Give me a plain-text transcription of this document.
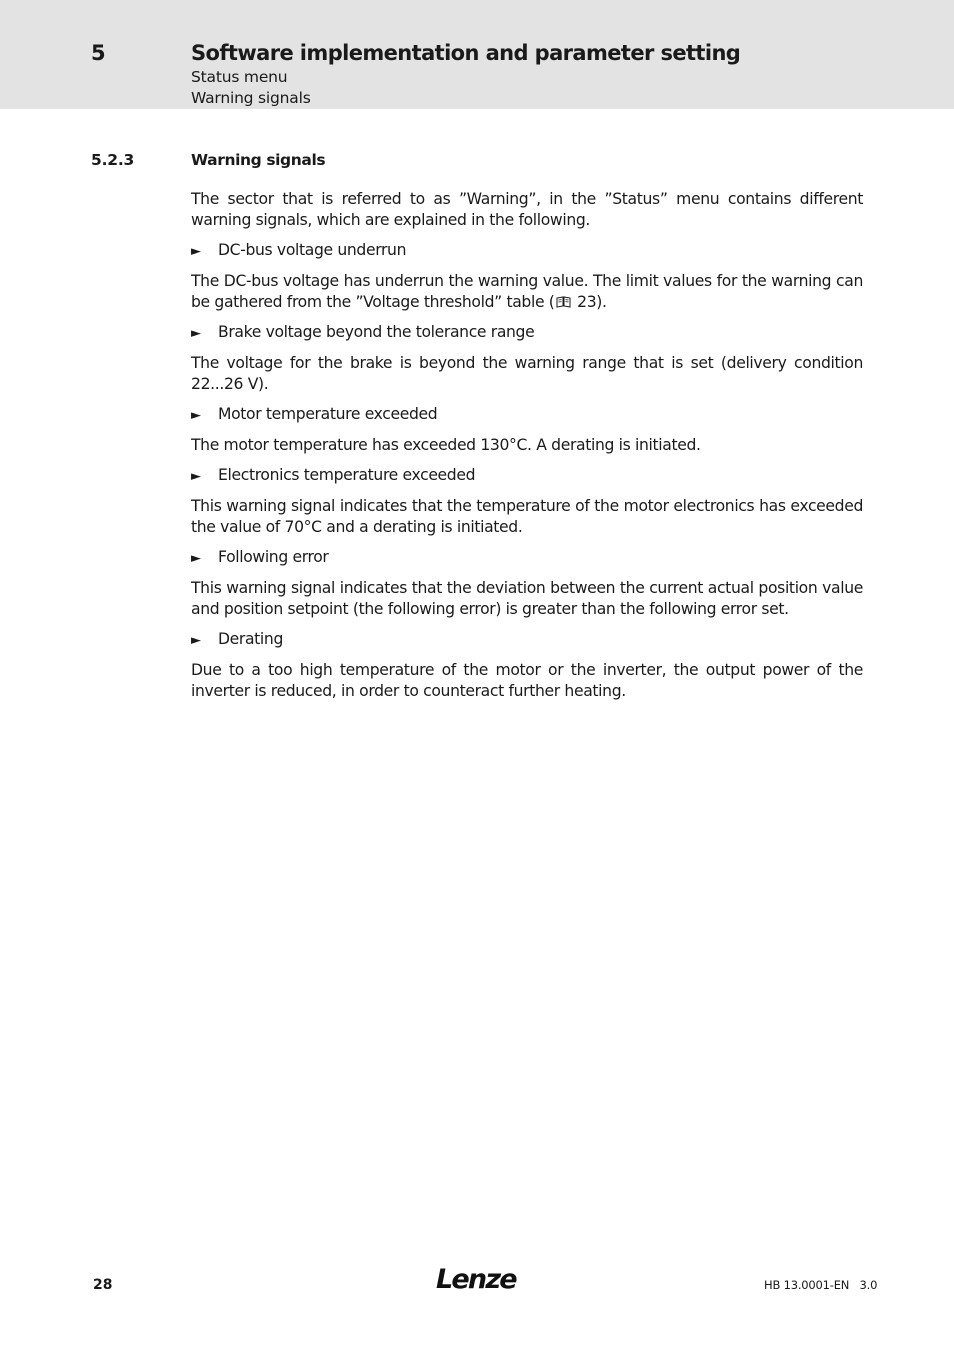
5	Software implementation and parameter setting
Status menu
Warning signals
5.2.3	Warning signals

The sector that is referred to as ”Warning”, in the ”Status” menu contains different warning signals, which are explained in the following.

►	DC-bus voltage underrun

The DC-bus voltage has underrun the warning value. The limit values for the warning can be gathered from the ”Voltage threshold” table ( 23).

►	Brake voltage beyond the tolerance range

The voltage for the brake is beyond the warning range that is set (delivery condition 22...26 V).

►	Motor temperature exceeded

The motor temperature has exceeded 130°C. A derating is initiated.

►	Electronics temperature exceeded

This warning signal indicates that the temperature of the motor electronics has exceeded the value of 70°C and a derating is initiated.

►	Following error

This warning signal indicates that the deviation between the current actual position value and position setpoint (the following error) is greater than the following error set.

►	Derating

Due to a too high temperature of the motor or the inverter, the output power of the inverter is reduced, in order to counteract further heating.

28	Lenze	HB 13.0001-EN   3.0
